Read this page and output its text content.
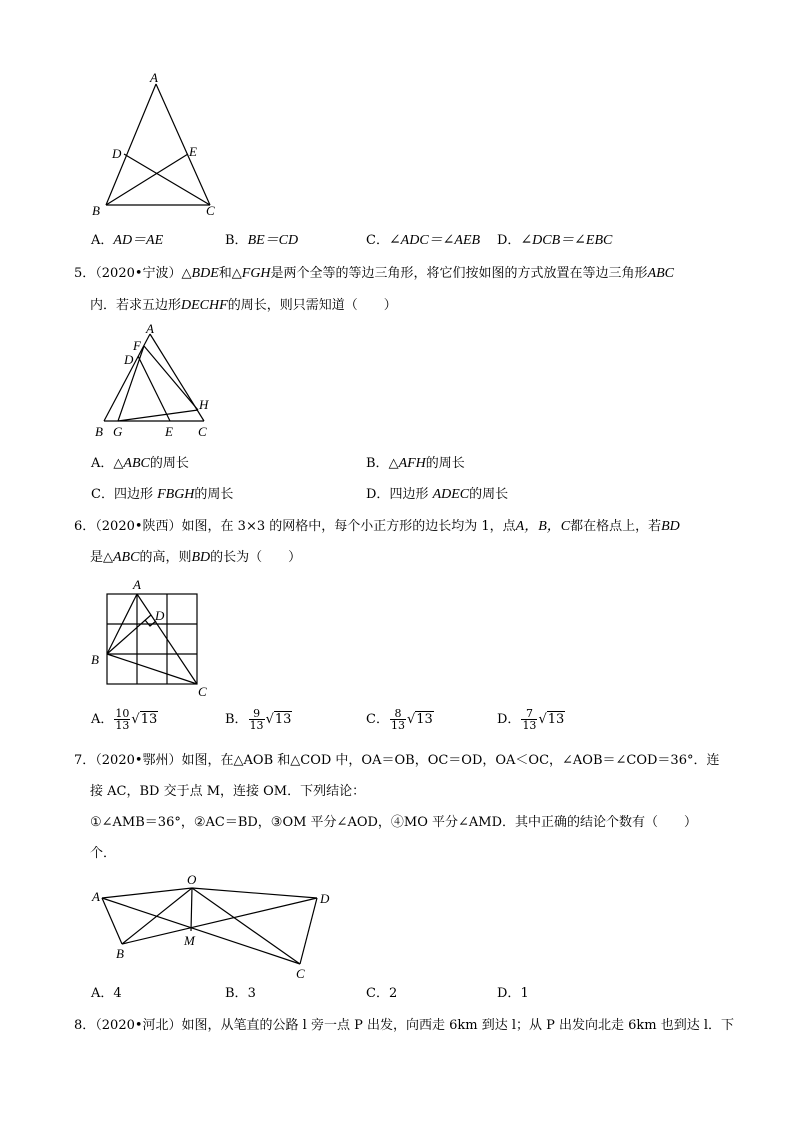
A
D	E
B	C
A．AD＝AE	B．BE＝CD	C．∠ADC＝∠AEB D．∠DCB＝∠EBC
5．（2020•宁波）△BDE和△FGH是两个全等的等边三角形，将它们按如图的方式放置在等边三角形ABC
内．若求五边形DECHF的周长，则只需知道（　　）
A
F
D
H
B G	E C
A．△ABC的周长	B．△AFH的周长
C．四边形 FBGH的周长	D．四边形 ADEC的周长
6．（2020•陕西）如图，在 3×3 的网格中，每个小正方形的边长均为 1，点A，B，C都在格点上，若BD
是△ABC的高，则BD的长为（　　）
A
D
B
C
A． $\frac{10}{13} √13$	B． $\frac{9}{13} √13$	C． $\frac{8}{13} √13$	D． $\frac{7}{13} √13$
7．（2020•鄂州）如图，在△AOB 和△COD 中，OA＝OB，OC＝OD，OA＜OC，∠AOB＝∠COD＝36°．连
接 AC，BD 交于点 M，连接 OM．下列结论：
①∠AMB＝36°，②AC＝BD，③OM 平分∠AOD，④MO 平分∠AMD．其中正确的结论个数有（　　）
个．
O
A	D
B
M
C
A．4	B．3	C．2	D．1
8．（2020•河北）如图，从笔直的公路 l 旁一点 P 出发，向西走 6km 到达 l；从 P 出发向北走 6km 也到达 l．下
